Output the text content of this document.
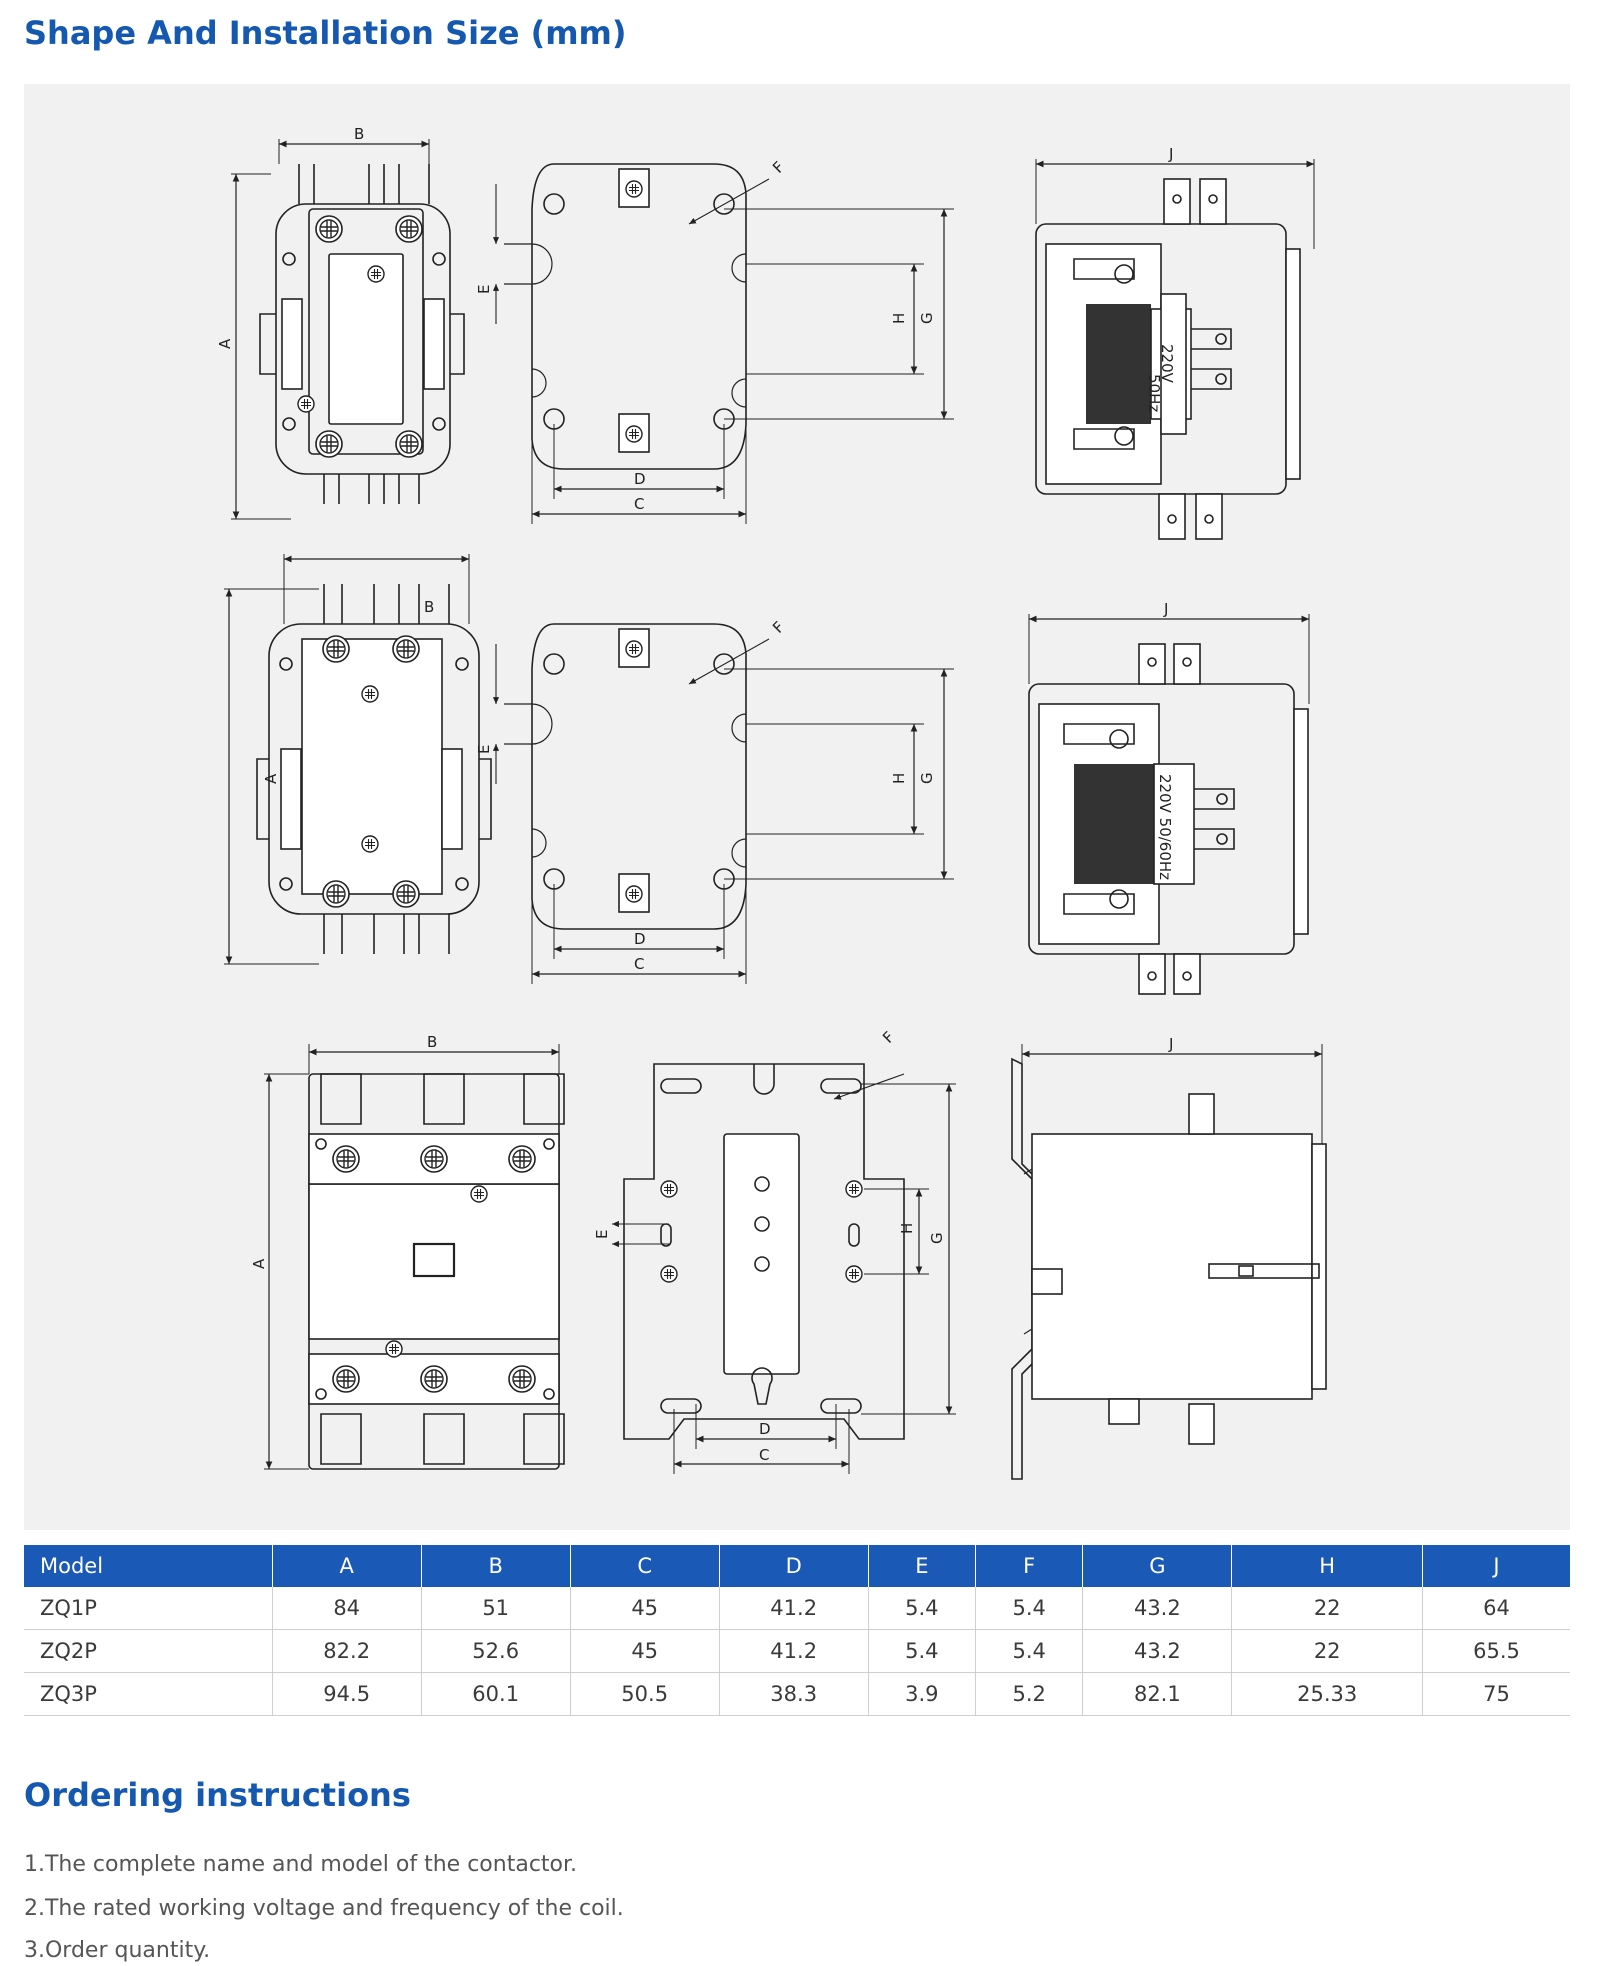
Shape And Installation Size (mm)
B
A
E
F
G
H
D
C
J
220V
50Hz
B
A
E
F
G
H
D
C
J
220V 50/60Hz
B
A
E
F
G
H
D
C
J
Model	A	B	C	D	E	F	G	H	J
ZQ1P	84	51	45	41.2	5.4	5.4	43.2	22	64
ZQ2P	82.2	52.6	45	41.2	5.4	5.4	43.2	22	65.5
ZQ3P	94.5	60.1	50.5	38.3	3.9	5.2	82.1	25.33	75
Ordering instructions

1.The complete name and model of the contactor.

2.The rated working voltage and frequency of the coil.

3.Order quantity.
